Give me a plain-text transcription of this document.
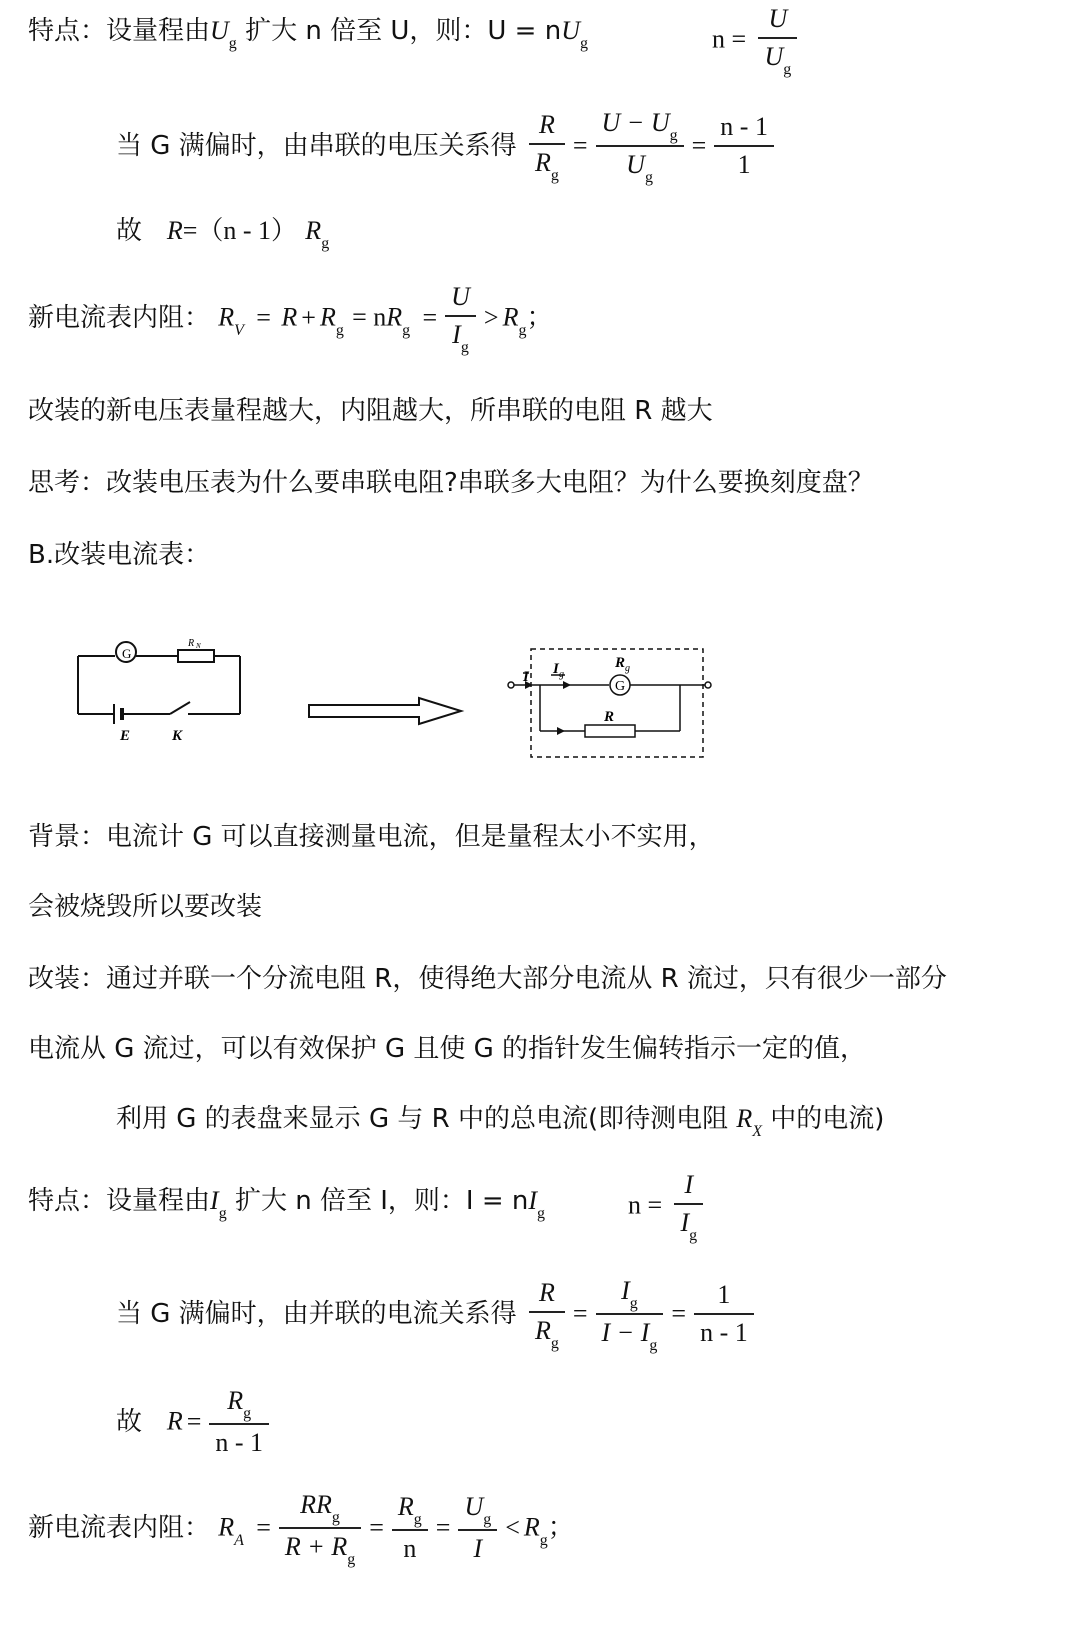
特点：设量程由$U_g$ 扩大 n 倍至 U，则：$U = nU_g$	$n = \frac{U}{U_g}$
当 G 满偏时，由串联的电压关系得 $\frac{R}{R_g} = \frac{U - U_g}{U_g} = \frac{n - 1}{1}$
故 R=（n - 1） $R_g$
新电流表内阻： $R_V = R + R_g = nR_g = \frac{U}{I_g} > R_g$；
改装的新电压表量程越大，内阻越大，所串联的电阻 R 越大
思考：改装电压表为什么要串联电阻?串联多大电阻？为什么要换刻度盘？
B.改装电流表：
G
R N
E	K
I I g
R g
G
R
背景：电流计 G 可以直接测量电流，但是量程太小不实用，
会被烧毁所以要改装
改装：通过并联一个分流电阻 R，使得绝大部分电流从 R 流过，只有很少一部分
电流从 G 流过，可以有效保护 G 且使 G 的指针发生偏转指示一定的值，
利用 G 的表盘来显示 G 与 R 中的总电流(即待测电阻 $R_X$ 中的电流)
特点：设量程由$I_g$ 扩大 n 倍至 I，则：$I = nI_g$	$n = \frac{I}{I_g}$
当 G 满偏时，由并联的电流关系得 $\frac{R}{R_g} = \frac{I_g}{I - I_g} = \frac{1}{n - 1}$
故 $R = \frac{R_g}{n - 1}$
新电流表内阻： $R_A = \frac{RR_g}{R + R_g} = \frac{R_g}{n} = \frac{U_g}{I} < R_g$；
